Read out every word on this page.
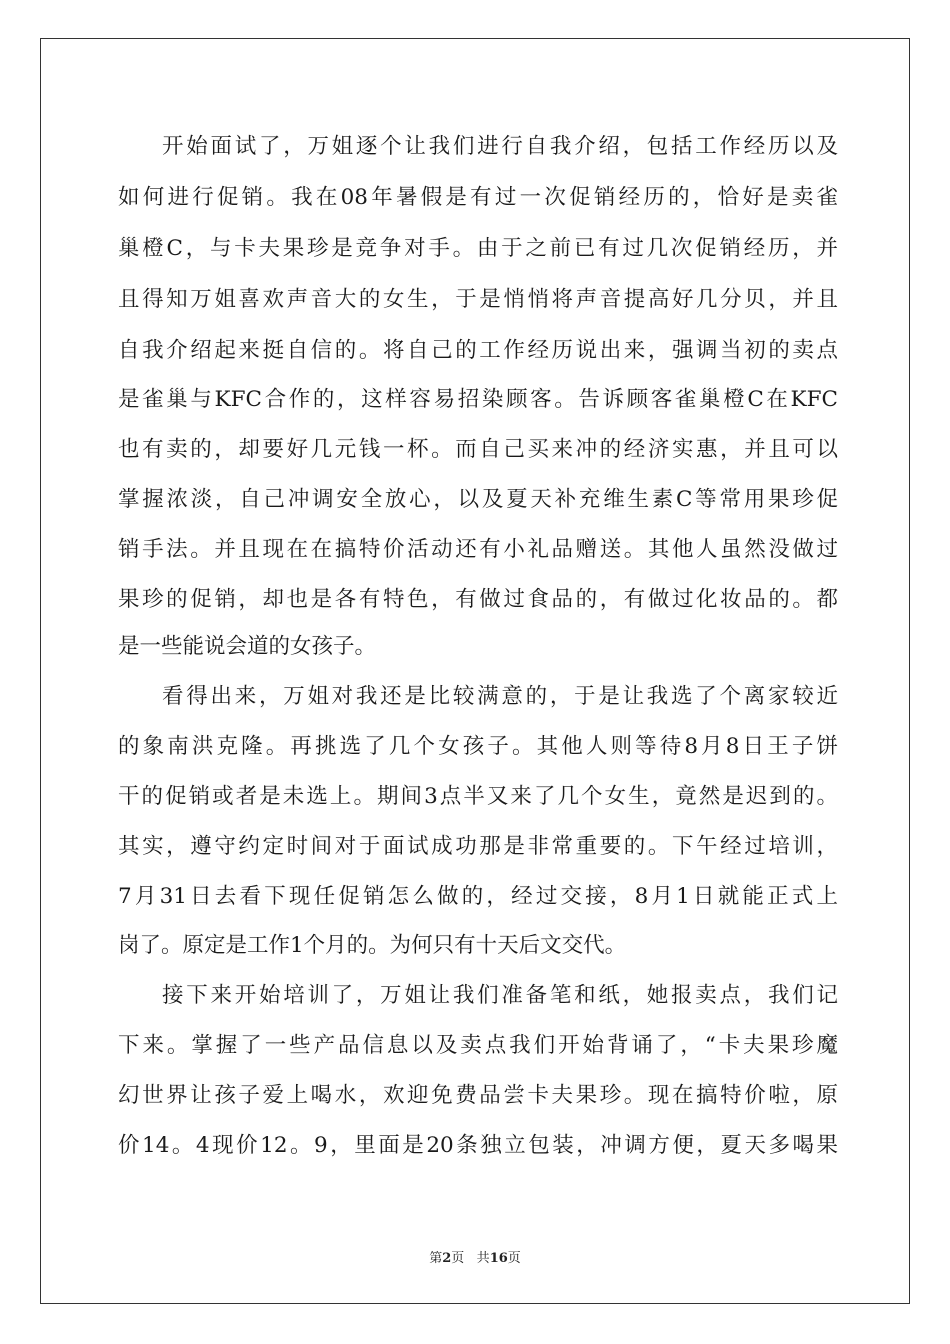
开始面试了，万姐逐个让我们进行自我介绍，包括工作经历以及
如何进行促销。我在08年暑假是有过一次促销经历的，恰好是卖雀
巢橙C，与卡夫果珍是竞争对手。由于之前已有过几次促销经历，并
且得知万姐喜欢声音大的女生，于是悄悄将声音提高好几分贝，并且
自我介绍起来挺自信的。将自己的工作经历说出来，强调当初的卖点
是雀巢与KFC合作的，这样容易招染顾客。告诉顾客雀巢橙C在KFC
也有卖的，却要好几元钱一杯。而自己买来冲的经济实惠，并且可以
掌握浓淡，自己冲调安全放心，以及夏天补充维生素C等常用果珍促
销手法。并且现在在搞特价活动还有小礼品赠送。其他人虽然没做过
果珍的促销，却也是各有特色，有做过食品的，有做过化妆品的。都
是一些能说会道的女孩子。
看得出来，万姐对我还是比较满意的，于是让我选了个离家较近
的象南洪克隆。再挑选了几个女孩子。其他人则等待8月8日王子饼
干的促销或者是未选上。期间3点半又来了几个女生，竟然是迟到的。
其实，遵守约定时间对于面试成功那是非常重要的。下午经过培训，
7月31日去看下现任促销怎么做的，经过交接，8月1日就能正式上
岗了。原定是工作1个月的。为何只有十天后文交代。
接下来开始培训了，万姐让我们准备笔和纸，她报卖点，我们记
下来。掌握了一些产品信息以及卖点我们开始背诵了，“卡夫果珍魔
幻世界让孩子爱上喝水，欢迎免费品尝卡夫果珍。现在搞特价啦，原
价14。4现价12。9，里面是20条独立包装，冲调方便，夏天多喝果
第2页 共16页
